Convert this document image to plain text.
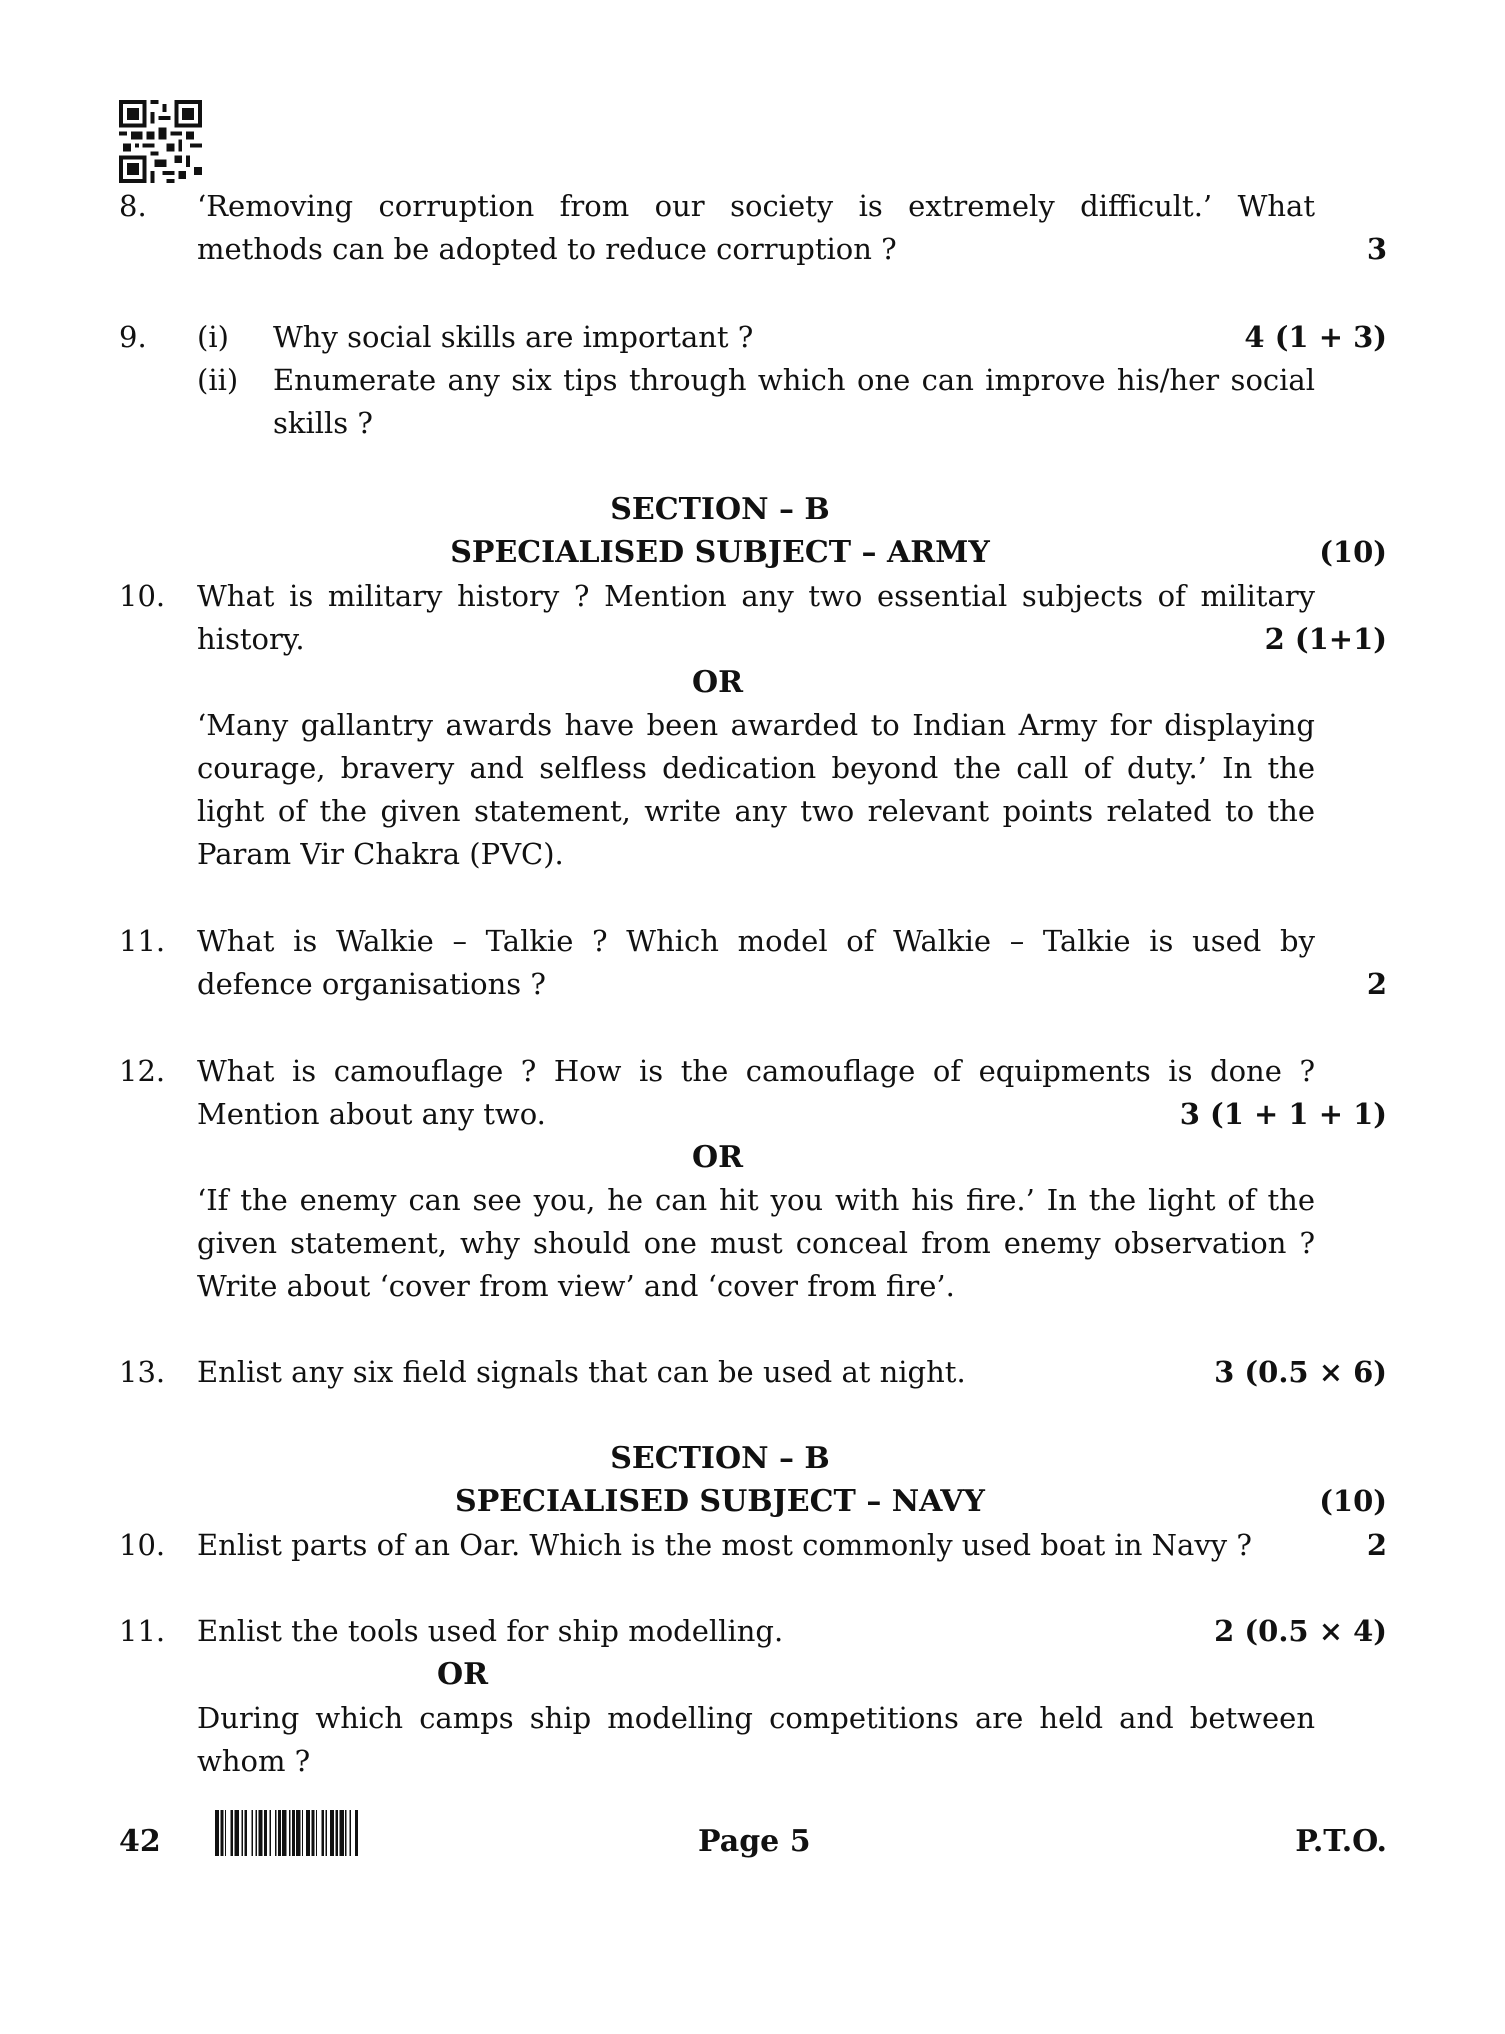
8. ‘Removing corruption from our society is extremely difficult.’ What
methods can be adopted to reduce corruption ?	3
9. (i) Why social skills are important ?	4 (1 + 3)
(ii) Enumerate any six tips through which one can improve his/her social
skills ?
SECTION – B
SPECIALISED SUBJECT – ARMY	(10)
10. What is military history ? Mention any two essential subjects of military
history.	2 (1+1)
OR
‘Many gallantry awards have been awarded to Indian Army for displaying
courage, bravery and selfless dedication beyond the call of duty.’ In the
light of the given statement, write any two relevant points related to the
Param Vir Chakra (PVC).
11. What is Walkie – Talkie ? Which model of Walkie – Talkie is used by
defence organisations ?	2
12. What is camouflage ? How is the camouflage of equipments is done ?
Mention about any two.	3 (1 + 1 + 1)
OR
‘If the enemy can see you, he can hit you with his fire.’ In the light of the
given statement, why should one must conceal from enemy observation ?
Write about ‘cover from view’ and ‘cover from fire’.
13. Enlist any six field signals that can be used at night.	3 (0.5 × 6)
SECTION – B
SPECIALISED SUBJECT – NAVY	(10)
10. Enlist parts of an Oar. Which is the most commonly used boat in Navy ?	2
11. Enlist the tools used for ship modelling.	2 (0.5 × 4)
OR
During which camps ship modelling competitions are held and between
whom ?
42	Page 5	P.T.O.
